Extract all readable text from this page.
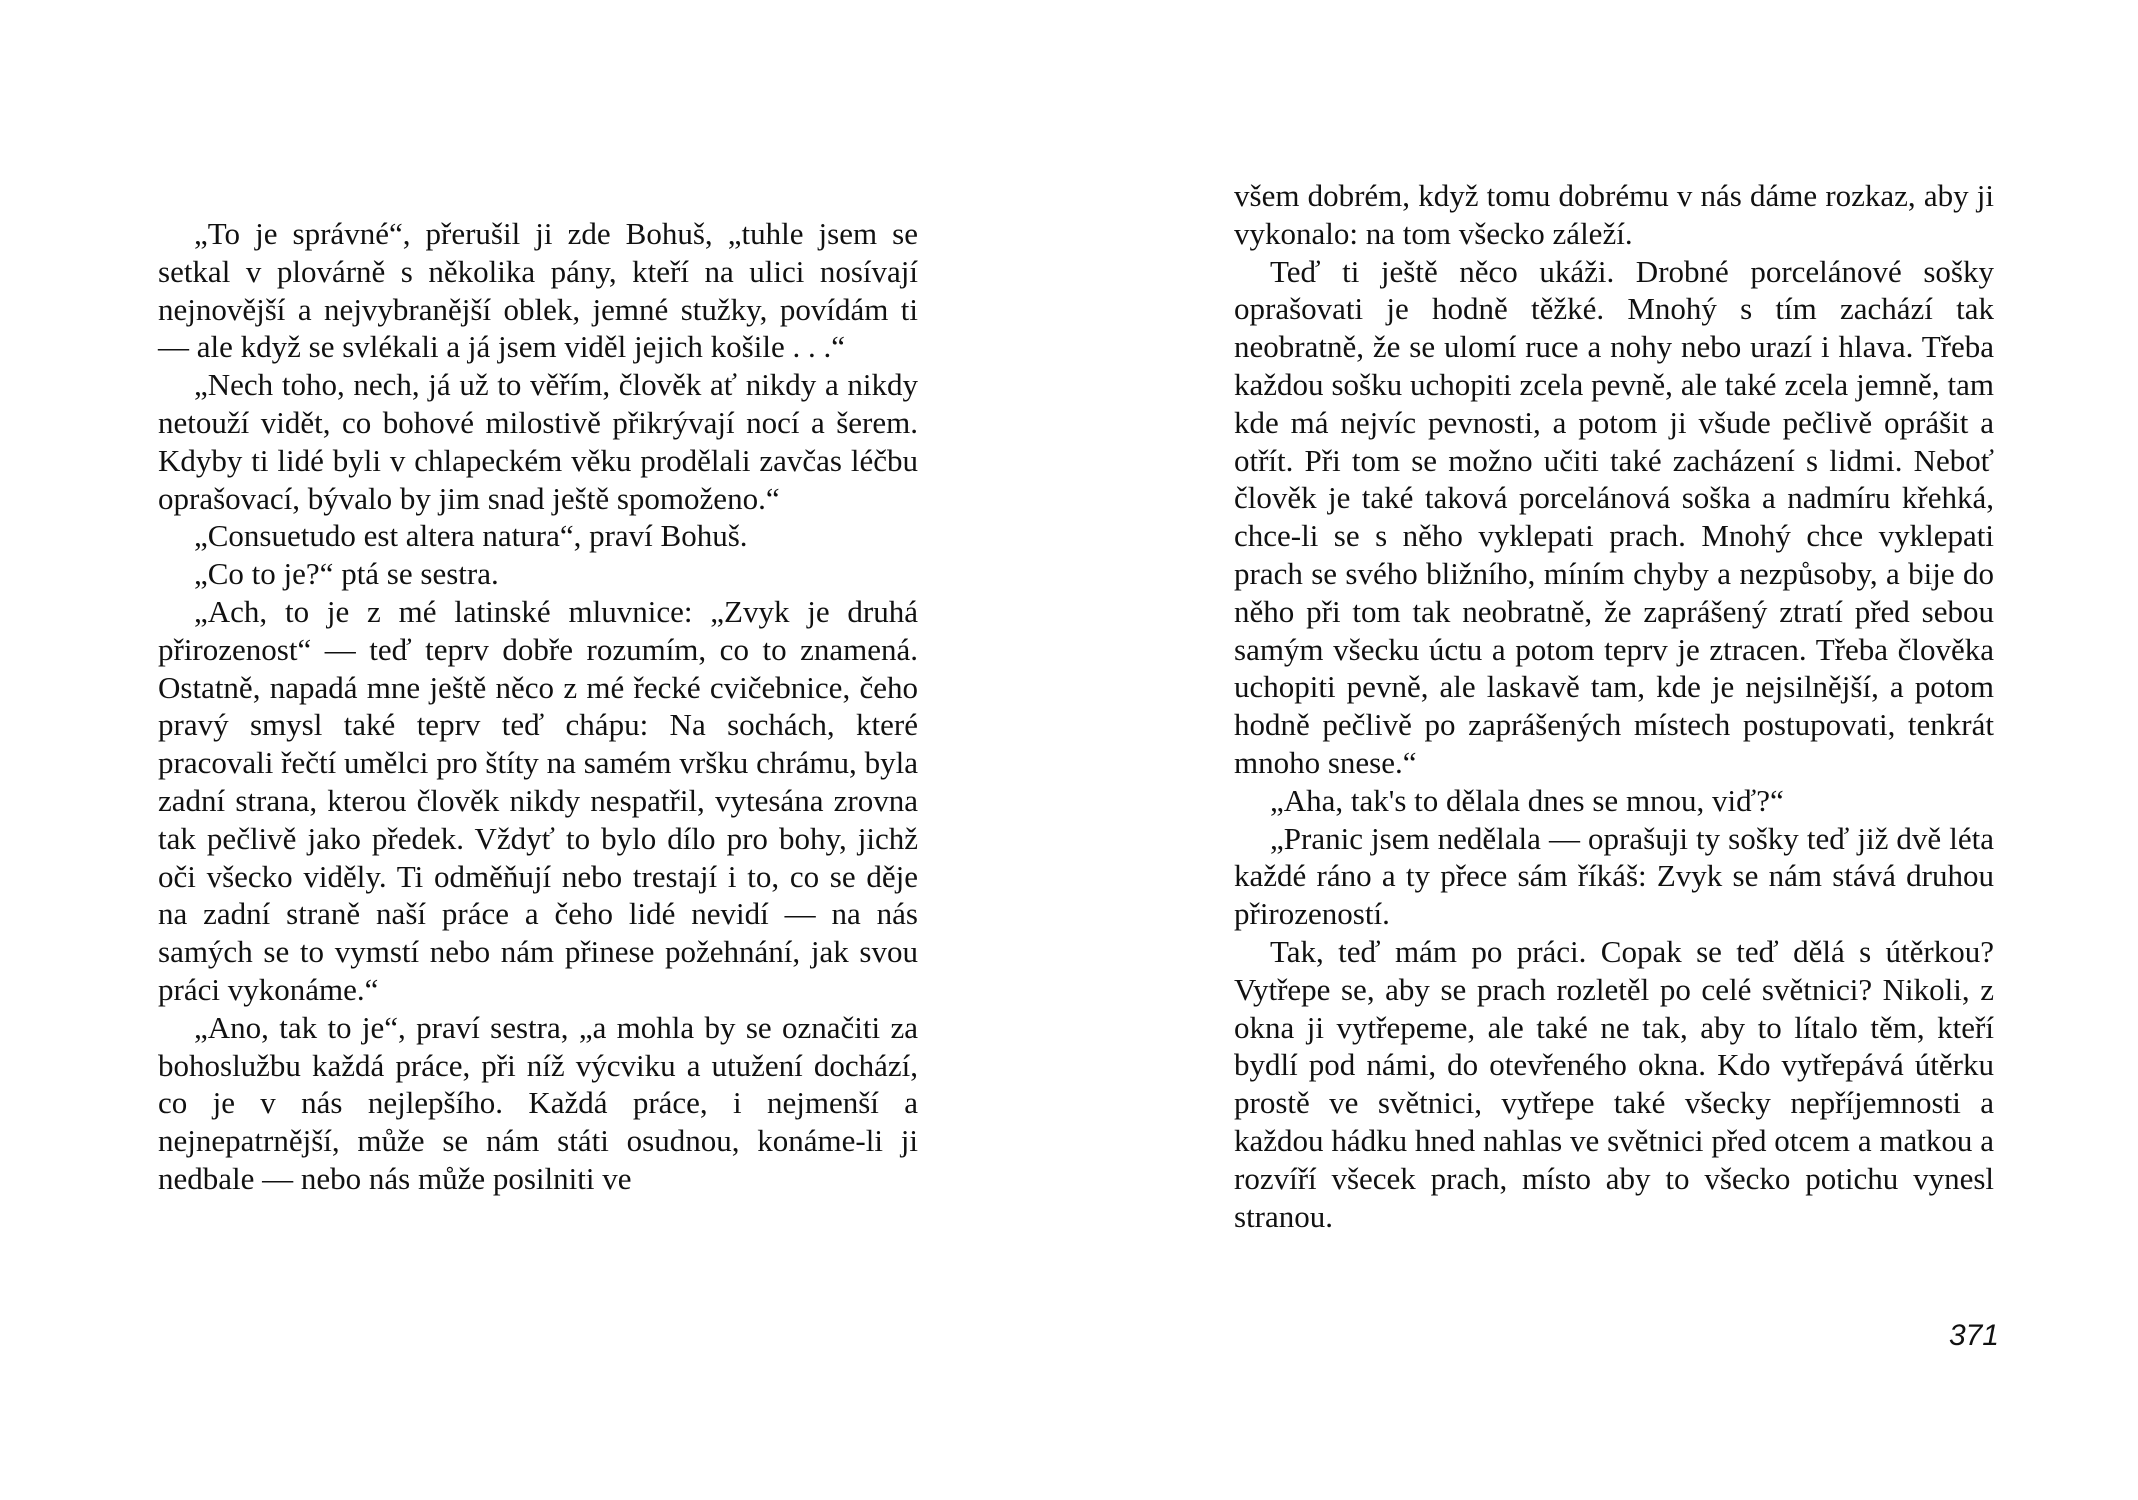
„To je správné“, přerušil ji zde Bohuš, „tuhle jsem se setkal v plovárně s několika pány, kteří na ulici nosívají nejnovější a nejvybranější oblek, jemné stužky, povídám ti — ale když se svlékali a já jsem viděl jejich košile . . .“

„Nech toho, nech, já už to věřím, člověk ať nikdy a nikdy netouží vidět, co bohové milostivě přikrývají nocí a šerem. Kdyby ti lidé byli v chlapeckém věku prodělali zavčas léčbu oprašovací, bývalo by jim snad ještě spomoženo.“

„Consuetudo est altera natura“, praví Bohuš.

„Co to je?“ ptá se sestra.

„Ach, to je z mé latinské mluvnice: „Zvyk je druhá přirozenost“ — teď teprv dobře rozumím, co to znamená. Ostatně, napadá mne ještě něco z mé řecké cvičebnice, čeho pravý smysl také teprv teď chápu: Na sochách, které pracovali řečtí umělci pro štíty na samém vršku chrámu, byla zadní strana, kterou člověk nikdy nespatřil, vytesána zrovna tak pečlivě jako předek. Vždyť to bylo dílo pro bohy, jichž oči všecko viděly. Ti odměňují nebo trestají i to, co se děje na zadní straně naší práce a čeho lidé nevidí — na nás samých se to vymstí nebo nám přinese požehnání, jak svou práci vykonáme.“

„Ano, tak to je“, praví sestra, „a mohla by se označiti za bohoslužbu každá práce, při níž výcviku a utužení dochází, co je v nás nejlepšího. Každá práce, i nejmenší a nejnepatrnější, může se nám státi osudnou, konáme-li ji nedbale — nebo nás může posilniti ve

všem dobrém, když tomu dobrému v nás dáme rozkaz, aby ji vykonalo: na tom všecko záleží.

Teď ti ještě něco ukáži. Drobné porcelánové sošky oprašovati je hodně těžké. Mnohý s tím zachází tak neobratně, že se ulomí ruce a nohy nebo urazí i hlava. Třeba každou sošku uchopiti zcela pevně, ale také zcela jemně, tam kde má nejvíc pevnosti, a potom ji všude pečlivě oprášit a otřít. Při tom se možno učiti také zacházení s lidmi. Neboť člověk je také taková porcelánová soška a nadmíru křehká, chce-li se s něho vyklepati prach. Mnohý chce vyklepati prach se svého bližního, míním chyby a nezpůsoby, a bije do něho při tom tak neobratně, že zaprášený ztratí před sebou samým všecku úctu a potom teprv je ztracen. Třeba člověka uchopiti pevně, ale laskavě tam, kde je nejsilnější, a potom hodně pečlivě po zaprášených místech postupovati, tenkrát mnoho snese.“

„Aha, tak's to dělala dnes se mnou, viď?“

„Pranic jsem nedělala — oprašuji ty sošky teď již dvě léta každé ráno a ty přece sám říkáš: Zvyk se nám stává druhou přirozeností.

Tak, teď mám po práci. Copak se teď dělá s útěrkou? Vytřepe se, aby se prach rozletěl po celé světnici? Nikoli, z okna ji vytřepeme, ale také ne tak, aby to lítalo těm, kteří bydlí pod námi, do otevřeného okna. Kdo vytřepává útěrku prostě ve světnici, vytřepe také všecky nepříjemnosti a každou hádku hned nahlas ve světnici před otcem a matkou a rozvíří všecek prach, místo aby to všecko potichu vynesl stranou.

371
